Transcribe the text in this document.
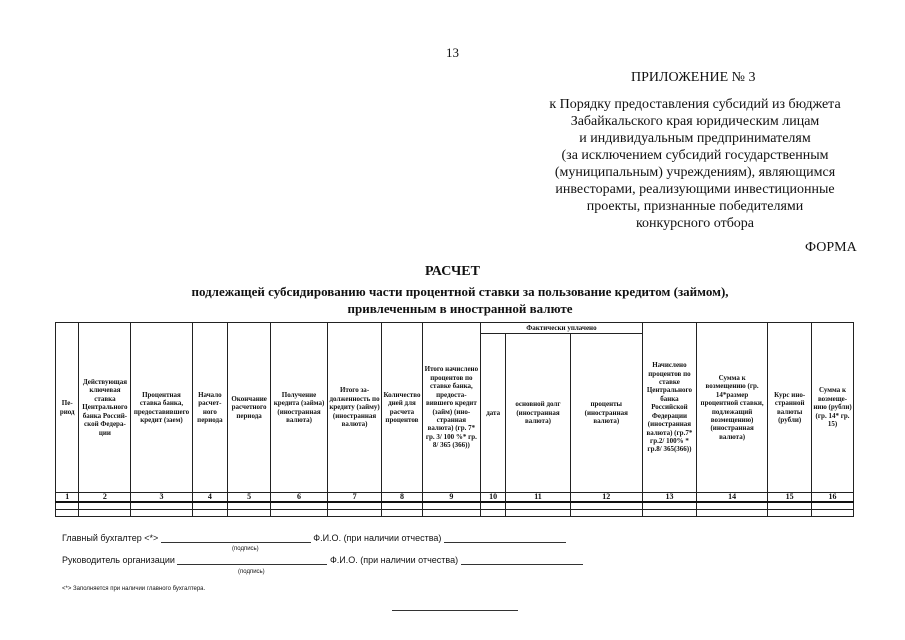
13
ПРИЛОЖЕНИЕ № 3
к Порядку предоставления субсидий из бюджета
Забайкальского края юридическим лицам
и индивидуальным предпринимателям
(за исключением субсидий государственным
(муниципальным) учреждениям), являющимся
инвесторами, реализующими инвестиционные
проекты, признанные победителями
конкурсного отбора
ФОРМА
РАСЧЕТ
подлежащей субсидированию части процентной ставки за пользование кредитом (займом),
привлеченным в иностранной валюте
Пе- риод	Действующая ключевая ставка Центрального банка Российской Федерации	Процентная ставка банка, предоставившего кредит (заем)	Начало расчетного периода	Окончание расчетного периода	Получение кредита (займа) (иностранная валюта)	Итого задолженность по кредиту (займу) (иностранная валюта)	Количество дней для расчета процентов	Итого начислено процентов по ставке банка, предоставившего кредит (займ) (иностранная валюта) (гр. 7* гр. 3/ 100 %* гр. 8/ 365 (366))	Фактически уплачено			Начислено процентов по ставке Центрального банка Российской Федерации (иностранная валюта) (гр.7* гр.2/ 100% * гр.8/ 365(366))	Сумма к возмещению (гр. 14*размер процентной ставки, подлежащий возмещению) (иностранная валюта)	Курс иностранной валюты (рубли)	Сумма к возмещению (рубли) (гр. 14* гр. 15)
									дата	основной долг (иностранная валюта)	проценты (иностранная валюта)				
1	2	3	4	5	6	7	8	9	10	11	12	13	14	15	16

Главный бухгалтер <*>	Ф.И.О. (при наличии отчества)
(подпись)
Руководитель организации	Ф.И.О. (при наличии отчества)
(подпись)
<*> Заполняется при наличии главного бухгалтера.
